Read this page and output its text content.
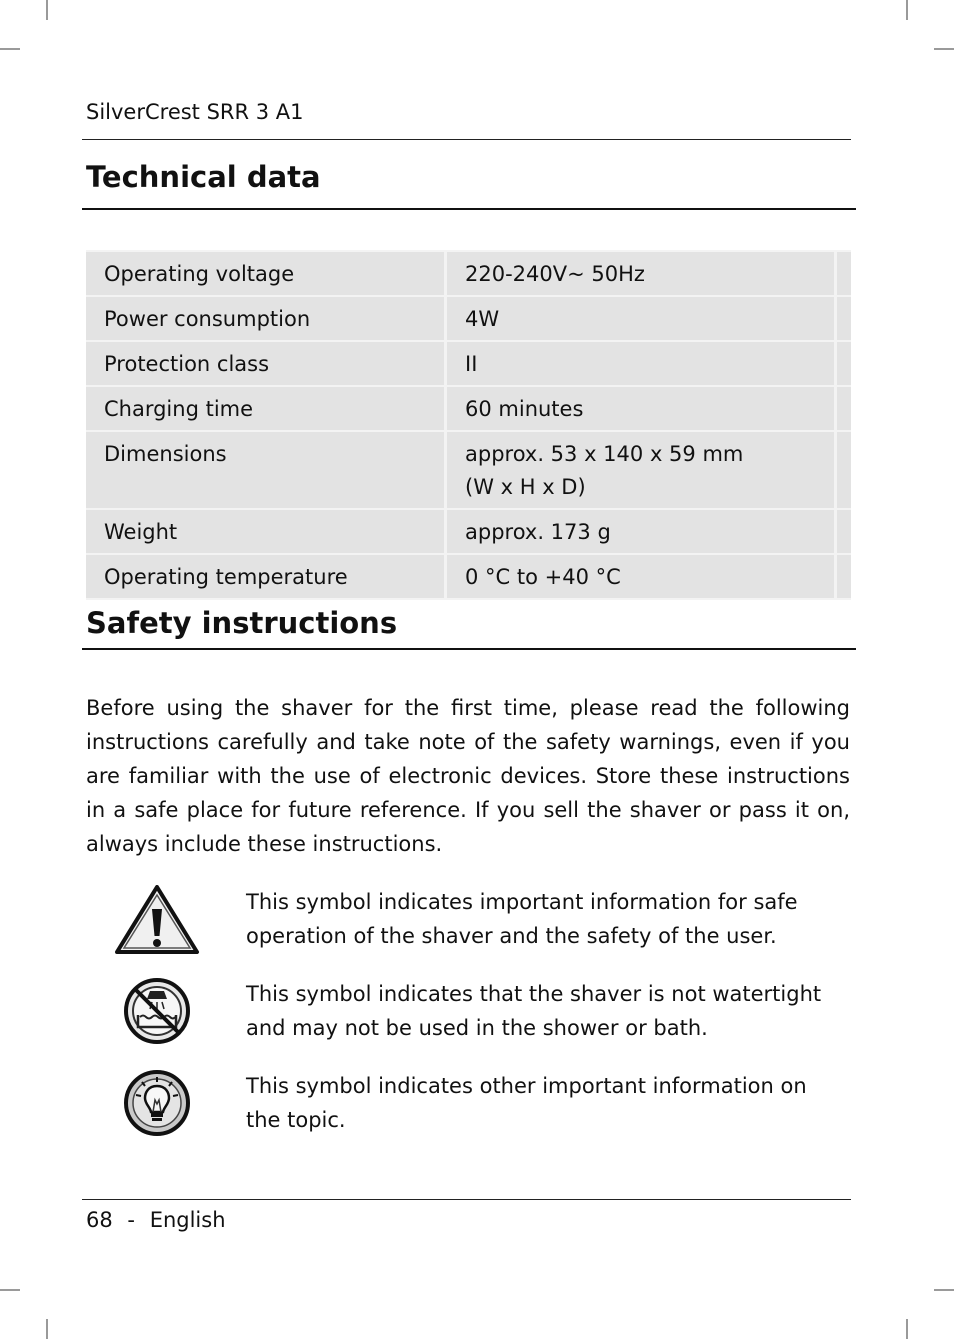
SilverCrest SRR 3 A1
Technical data
Operating voltage	220-240V~ 50Hz	
Power consumption	4W	
Protection class	II	
Charging time	60 minutes	
Dimensions	approx. 53 x 140 x 59 mm
(W x H x D)	
Weight	approx. 173 g	
Operating temperature	0 °C to +40 °C	
Safety instructions

Before using the shaver for the first time, please read the following instructions carefully and take note of the safety warnings, even if you are familiar with the use of electronic devices. Store these instructions in a safe place for future reference. If you sell the shaver or pass it on, always include these instructions.

This symbol indicates important information for safe operation of the shaver and the safety of the user.

This symbol indicates that the shaver is not watertight and may not be used in the shower or bath.

This symbol indicates other important information on the topic.

68 - English
